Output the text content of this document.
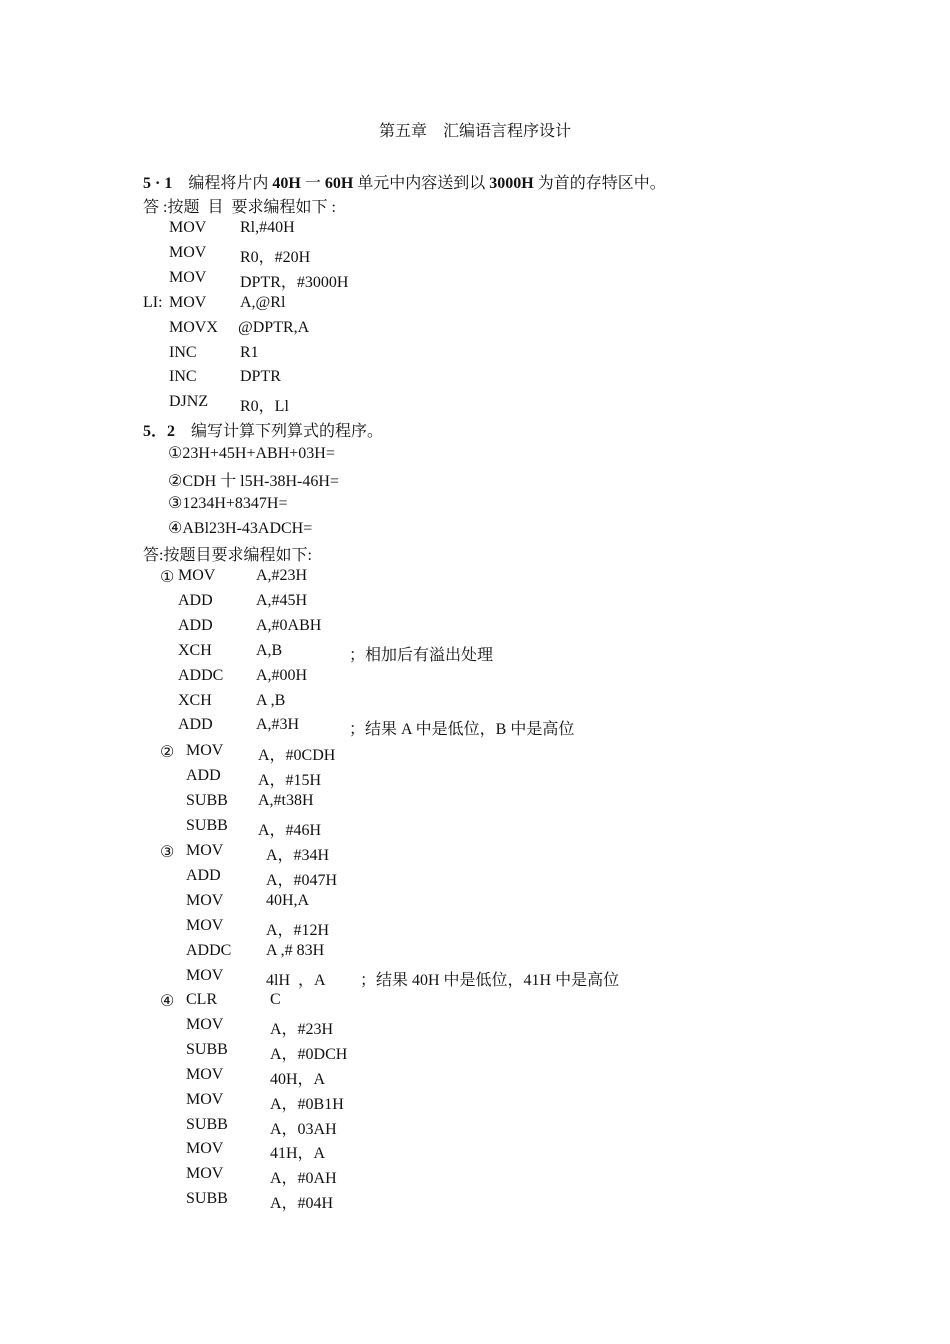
第五章　汇编语言程序设计
5 · 1 编程将片内 40H 一 60H 单元中内容送到以 3000H 为首的存特区中。
答 :按题  目  要求编程如下 :
MOV Rl,#40H
MOV R0，#20H
MOV DPTR，#3000H
LI: MOV A,@Rl
MOVX @DPTR,A
INC	R1
INC	DPTR
DJNZ R0，Ll
5．2 编写计算下列算式的程序。
①23H+45H+ABH+03H=
②CDH 十 l5H-38H-46H=
③1234H+8347H=
④ABl23H-43ADCH=
答:按题目要求编程如下:
① MOV	A,#23H
ADD	A,#45H
ADD	A,#0ABH
XCH	A,B	；相加后有溢出处理
ADDC A,#00H
XCH	A ,B
ADD	A,#3H	；结果 A 中是低位，B 中是高位
② MOV A，#0CDH
ADD A，#15H
SUBB A,#t38H
SUBB A，#46H
③ MOV	A，#34H
ADD	A，#047H
MOV	40H,A
MOV	A，#12H
ADDC A ,# 83H
MOV	4lH  ，A ；结果 40H 中是低位，41H 中是高位
④ CLR	C
MOV	A，#23H
SUBB	A，#0DCH
MOV	40H，A
MOV	A，#0B1H
SUBB	A，03AH
MOV	41H，A
MOV	A，#0AH
SUBB	A，#04H
